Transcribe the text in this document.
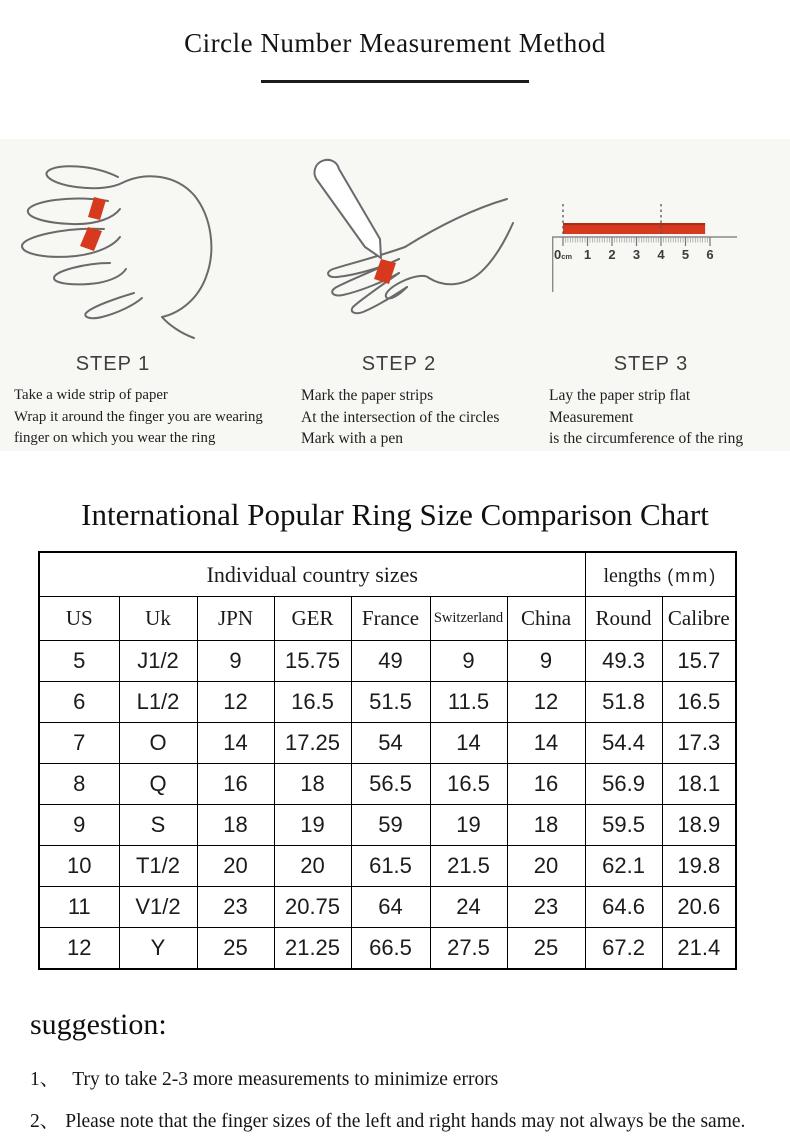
Circle Number Measurement Method
STEP 1

Take a wide strip of paper

Wrap it around the finger you are wearing

finger on which you wear the ring

STEP 2

Mark the paper strips

At the intersection of the circles

Mark with a pen

0cm 1 2 3 4 5 6
STEP 3

Lay the paper strip flat

Measurement

is the circumference of the ring

International Popular Ring Size Comparison Chart
Individual country sizes							lengths (mm)	
US	Uk	JPN	GER	France	Switzerland	China	Round	Calibre
5	J1/2	9	15.75	49	9	9	49.3	15.7
6	L1/2	12	16.5	51.5	11.5	12	51.8	16.5
7	O	14	17.25	54	14	14	54.4	17.3
8	Q	16	18	56.5	16.5	16	56.9	18.1
9	S	18	19	59	19	18	59.5	18.9
10	T1/2	20	20	61.5	21.5	20	62.1	19.8
11	V1/2	23	20.75	64	24	23	64.6	20.6
12	Y	25	21.25	66.5	27.5	25	67.2	21.4
suggestion:
1、 Try to take 2-3 more measurements to minimize errors
2、 Please note that the finger sizes of the left and right hands may not always be the same.
